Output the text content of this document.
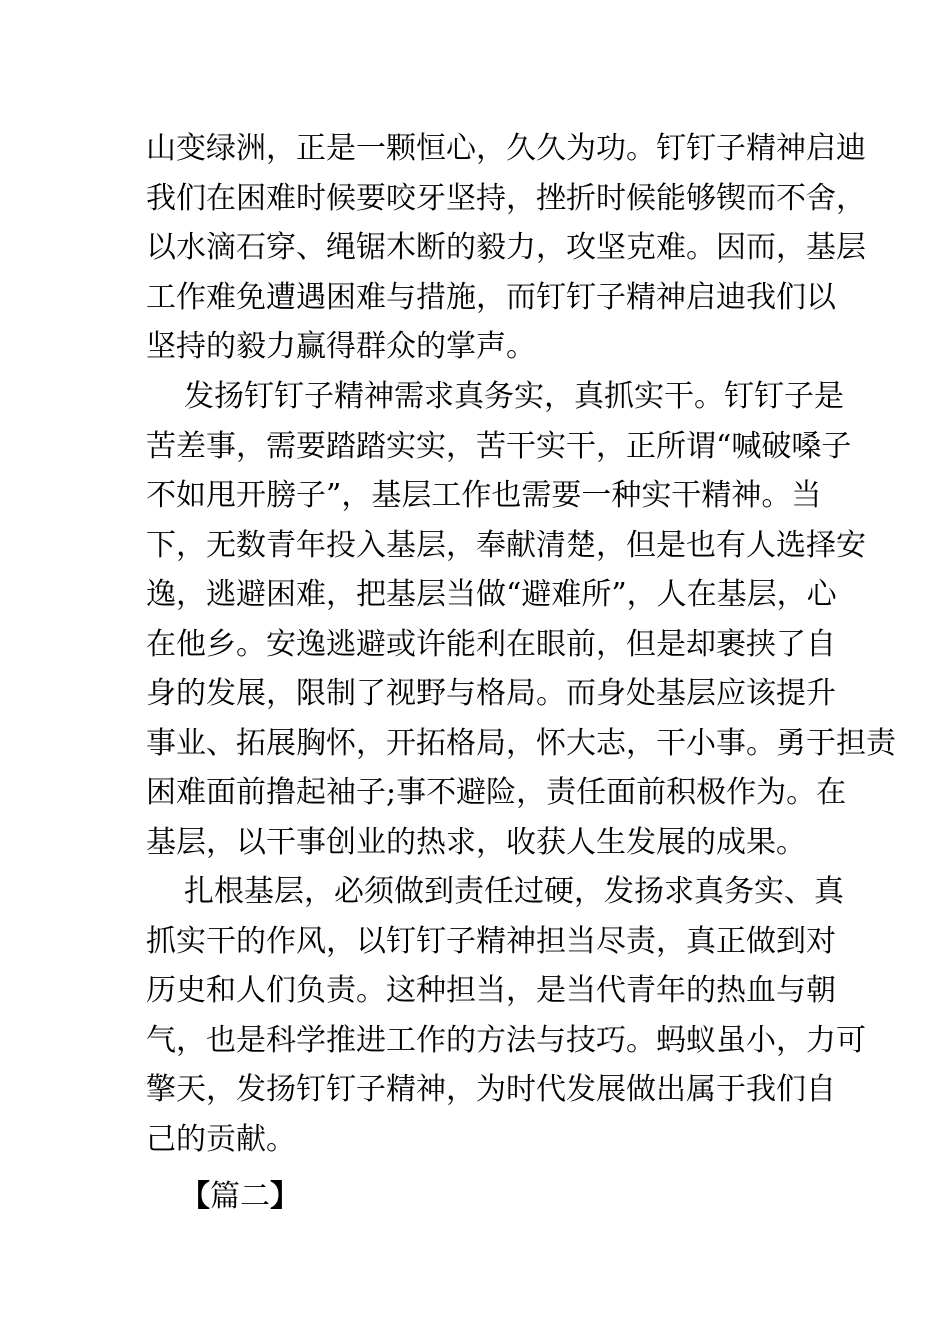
山变绿洲，正是一颗恒心，久久为功。钉钉子精神启迪
我们在困难时候要咬牙坚持，挫折时候能够锲而不舍，
以水滴石穿、绳锯木断的毅力，攻坚克难。因而，基层
工作难免遭遇困难与措施，而钉钉子精神启迪我们以
坚持的毅力赢得群众的掌声。
发扬钉钉子精神需求真务实，真抓实干。钉钉子是
苦差事，需要踏踏实实，苦干实干，正所谓“喊破嗓子
不如甩开膀子”，基层工作也需要一种实干精神。当
下，无数青年投入基层，奉献清楚，但是也有人选择安
逸，逃避困难，把基层当做“避难所”，人在基层，心
在他乡。安逸逃避或许能利在眼前，但是却裹挟了自
身的发展，限制了视野与格局。而身处基层应该提升
事业、拓展胸怀，开拓格局，怀大志，干小事。勇于担责
困难面前撸起袖子;事不避险，责任面前积极作为。在
基层，以干事创业的热求，收获人生发展的成果。
扎根基层，必须做到责任过硬，发扬求真务实、真
抓实干的作风，以钉钉子精神担当尽责，真正做到对
历史和人们负责。这种担当，是当代青年的热血与朝
气，也是科学推进工作的方法与技巧。蚂蚁虽小，力可
擎天，发扬钉钉子精神，为时代发展做出属于我们自
己的贡献。
【篇二】
